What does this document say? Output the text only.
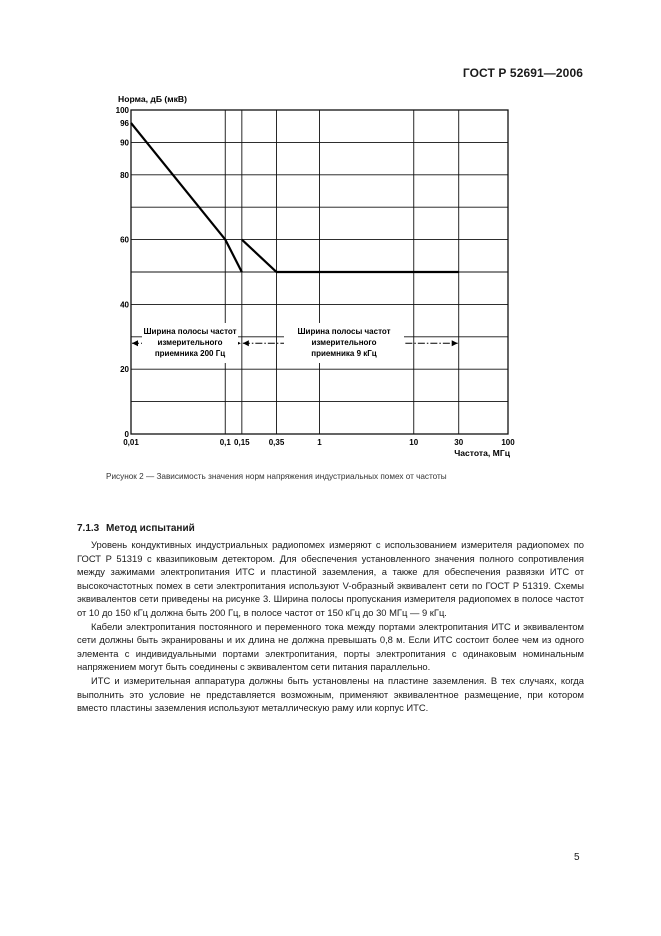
ГОСТ Р 52691—2006
0
20
40
60
80
90
96
100
0,01	0,1 0,15 0,35	1	10	30	100
Ширина полосы частот
измерительного
приемника 200 Гц
Ширина полосы частот
измерительного
приемника 9 кГц
Норма, дБ (мкВ)
Частота, МГц
Рисунок 2 — Зависимость значения норм напряжения индустриальных помех от частоты
7.1.3 Метод испытаний

Уровень кондуктивных индустриальных радиопомех измеряют с использованием измерителя радиопомех по ГОСТ Р 51319 с квазипиковым детектором. Для обеспечения установленного значения полного сопротивления между зажимами электропитания ИТС и пластиной заземления, а также для обеспечения развязки ИТС от высокочастотных помех в сети электропитания используют V-образный эквивалент сети по ГОСТ Р 51319. Схемы эквивалентов сети приведены на рисунке 3. Ширина полосы пропускания измерителя радиопомех в полосе частот от 10 до 150 кГц должна быть 200 Гц, в полосе частот от 150 кГц до 30 МГц — 9 кГц.

Кабели электропитания постоянного и переменного тока между портами электропитания ИТС и эквивалентом сети должны быть экранированы и их длина не должна превышать 0,8 м. Если ИТС состоит более чем из одного элемента с индивидуальными портами электропитания, порты электропитания с одинаковым номинальным напряжением могут быть соединены с эквивалентом сети питания параллельно.

ИТС и измерительная аппаратура должны быть установлены на пластине заземления. В тех случаях, когда выполнить это условие не представляется возможным, применяют эквивалентное размещение, при котором вместо пластины заземления используют металлическую раму или корпус ИТС.

5
